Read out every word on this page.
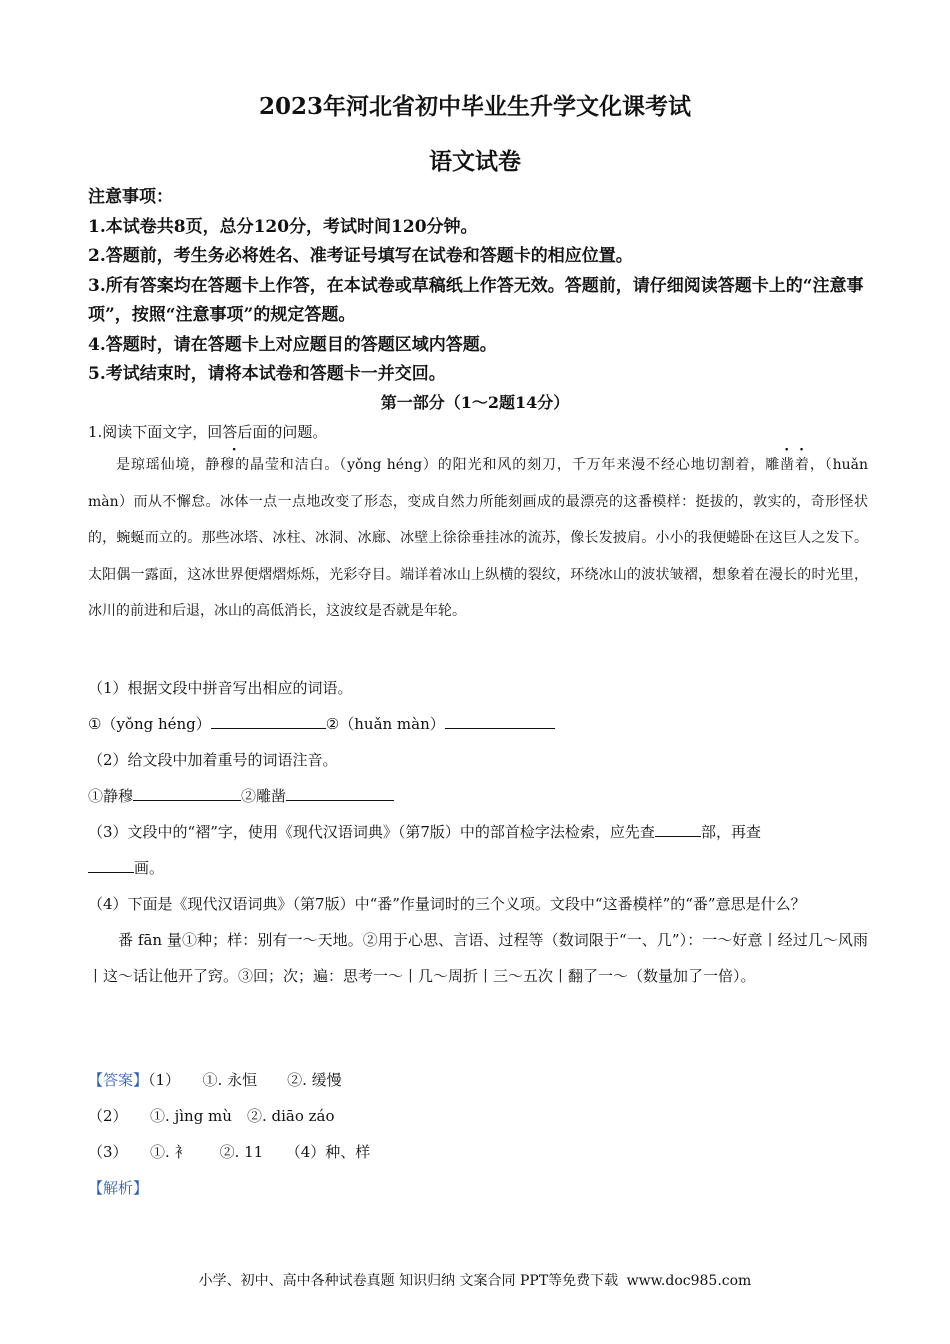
2023年河北省初中毕业生升学文化课考试
语文试卷
注意事项：
1.本试卷共8页，总分120分，考试时间120分钟。
2.答题前，考生务必将姓名、准考证号填写在试卷和答题卡的相应位置。
3.所有答案均在答题卡上作答，在本试卷或草稿纸上作答无效。答题前，请仔细阅读答题卡上的“注意事项”，按照“注意事项”的规定答题。
4.答题时，请在答题卡上对应题目的答题区域内答题。
5.考试结束时，请将本试卷和答题卡一并交回。
第一部分（1～2题14分）
1.阅读下面文字，回答后面的问题。

是琼瑶仙境，静穆的晶莹和洁白。（yǒng héng）的阳光和风的刻刀，千万年来漫不经心地切割着，雕凿着，（huǎn màn）而从不懈怠。冰体一点一点地改变了形态，变成自然力所能刻画成的最漂亮的这番模样：挺拔的，敦实的，奇形怪状的，蜿蜒而立的。那些冰塔、冰柱、冰洞、冰廊、冰壁上徐徐垂挂冰的流苏，像长发披肩。小小的我便蜷卧在这巨人之发下。太阳偶一露面，这冰世界便熠熠烁烁，光彩夺目。端详着冰山上纵横的裂纹，环绕冰山的波状皱褶，想象着在漫长的时光里，冰川的前进和后退，冰山的高低消长，这波纹是否就是年轮。

（1）根据文段中拼音写出相应的词语。

①（yǒng héng）	②（huǎn màn）

（2）给文段中加着重号的词语注音。

①静穆	②雕凿

（3）文段中的“褶”字，使用《现代汉语词典》（第7版）中的部首检字法检索，应先查	部，再查
画。

（4）下面是《现代汉语词典》（第7版）中“番”作量词时的三个义项。文段中“这番模样”的“番”意思是什么？

番 fān 量①种；样：别有一～天地。②用于心思、言语、过程等（数词限于“一、几”）：一～好意丨经过几～风雨丨这～话让他开了窍。③回；次；遍：思考一～丨几～周折丨三～五次丨翻了一～（数量加了一倍）。

【答案】（1）　　①. 永恒　　②. 缓慢

（2）　　①. jìng mù　②. diāo záo

（3）　　①. 衤　　②. 11　　（4）种、样

【解析】

小学、初中、高中各种试卷真题 知识归纳 文案合同 PPT等免费下载 www.doc985.com
